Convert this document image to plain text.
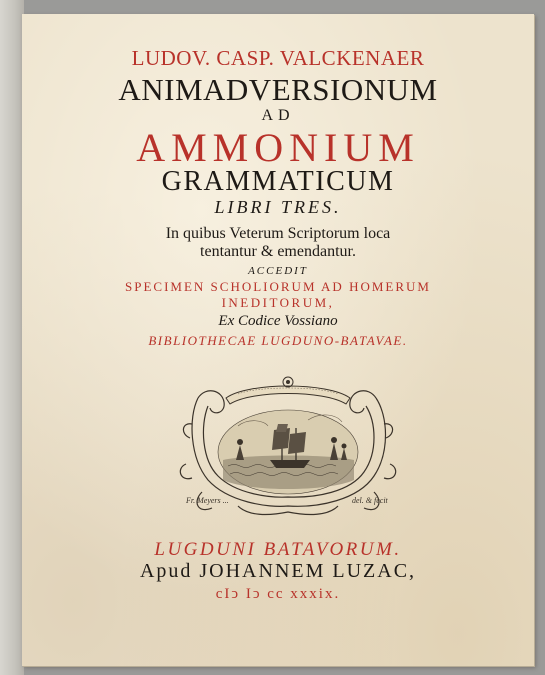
LUDOV. CASP. VALCKENAER

ANIMADVERSIONUM

AD

AMMONIUM

GRAMMATICUM

LIBRI TRES.

In quibus Veterum Scriptorum loca

tentantur & emendantur.

ACCEDIT

SPECIMEN SCHOLIORUM AD HOMERUM

INEDITORUM,

Ex Codice Vossiano

BIBLIOTHECAE LUGDUNO-BATAVAE.

Fr. Meyers ...	del. & fecit

LUGDUNI BATAVORUM.

Apud JOHANNEM LUZAC,

cIↄ Iↄ cc xxxix.
